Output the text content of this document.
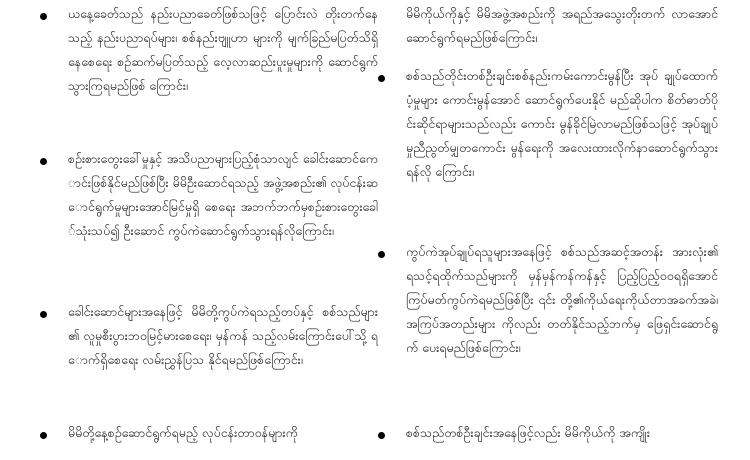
ယနေ့ခေတ်သည် နည်းပညာခေတ်ဖြစ်သဖြင့် ပြောင်းလဲ တိုးတက်နေသည့် နည်းပညာရပ်များ၊ စစ်နည်းဗျူဟာ များကို မျက်ခြည်မပြတ်သိရှိနေစေရေး စဉ်ဆက်မပြတ်သည့် လေ့လာဆည်းပူးမှုများကို ဆောင်ရွက်သွားကြရမည်ဖြစ် ကြောင်း၊

စဉ်းစားတွေးခေါ်မှုနှင့် အသိပညာများပြည့်စုံသာလျင် ခေါင်းဆောင်ကောင်းဖြစ်နိုင်မည်ဖြစ်ပြီး မိမိဦးဆောင်ရသည့် အဖွဲ့အစည်း၏ လုပ်ငန်းဆောင်ရွက်မှုများအောင်မြင်မှုရှိ စေရေး အဘက်ဘက်မှစဉ်းစားတွေးခေါ်သုံးသပ်၍ ဦးဆောင် ကွပ်ကဲဆောင်ရွက်သွားရန်လိုကြောင်း၊

ခေါင်းဆောင်များအနေဖြင့် မိမိတို့ကွပ်ကဲရသည့်တပ်နှင့် စစ်သည်များ၏ လူမှုစီးပွားဘဝမြင့်မားစေရေး၊ မှန်ကန် သည့်လမ်းကြောင်းပေါ်သို့ ရောက်ရှိစေရေး လမ်းညွှန်ပြသ နိုင်ရမည်ဖြစ်ကြောင်း၊

မိမိတို့နေ့စဉ်ဆောင်ရွက်ရမည့် လုပ်ငန်းတာဝန်များကို

မိမိကိုယ်ကိုနှင့် မိမိအဖွဲ့အစည်းကို အရည်အသွေးတိုးတက် လာအောင် ဆောင်ရွက်ရမည်ဖြစ်ကြောင်း၊

စစ်သည်တိုင်းတစ်ဦးချင်းစစ်နည်းကမ်းကောင်းမွန်ပြီး အုပ် ချုပ်ထောက်ပံ့မှုများ ကောင်းမွန်အောင် ဆောင်ရွက်ပေးနိုင် မည်ဆိုပါက စိတ်ဓာတ်ပိုင်းဆိုင်ရာများသည်လည်း ကောင်း မွန်ခိုင်မြဲလာမည်ဖြစ်သဖြင့် အုပ်ချုပ်မှုညီညွတ်မျှတကောင်း မွန်ရေးကို အလေးထားလိုက်နာဆောင်ရွက်သွားရန်လို ကြောင်း၊

ကွပ်ကဲအုပ်ချုပ်ရသူများအနေဖြင့် စစ်သည်အဆင့်အတန်း အားလုံး၏ ရသင့်ရထိုက်သည်များကို မှန်မှန်ကန်ကန်နှင့် ပြည့်ပြည့်ဝဝရရှိအောင် ကြပ်မတ်ကွပ်ကဲရမည်ဖြစ်ပြီး ၎င်း တို့၏ကိုယ်ရေးကိုယ်တာအခက်အခဲ၊ အကြပ်အတည်းများ ကိုလည်း တတ်နိုင်သည့်ဘက်မှ ဖြေရှင်းဆောင်ရွက် ပေးရမည်ဖြစ်ကြောင်း၊

စစ်သည်တစ်ဦးချင်းအနေဖြင့်လည်း မိမိကိုယ်ကို အကျိုး
